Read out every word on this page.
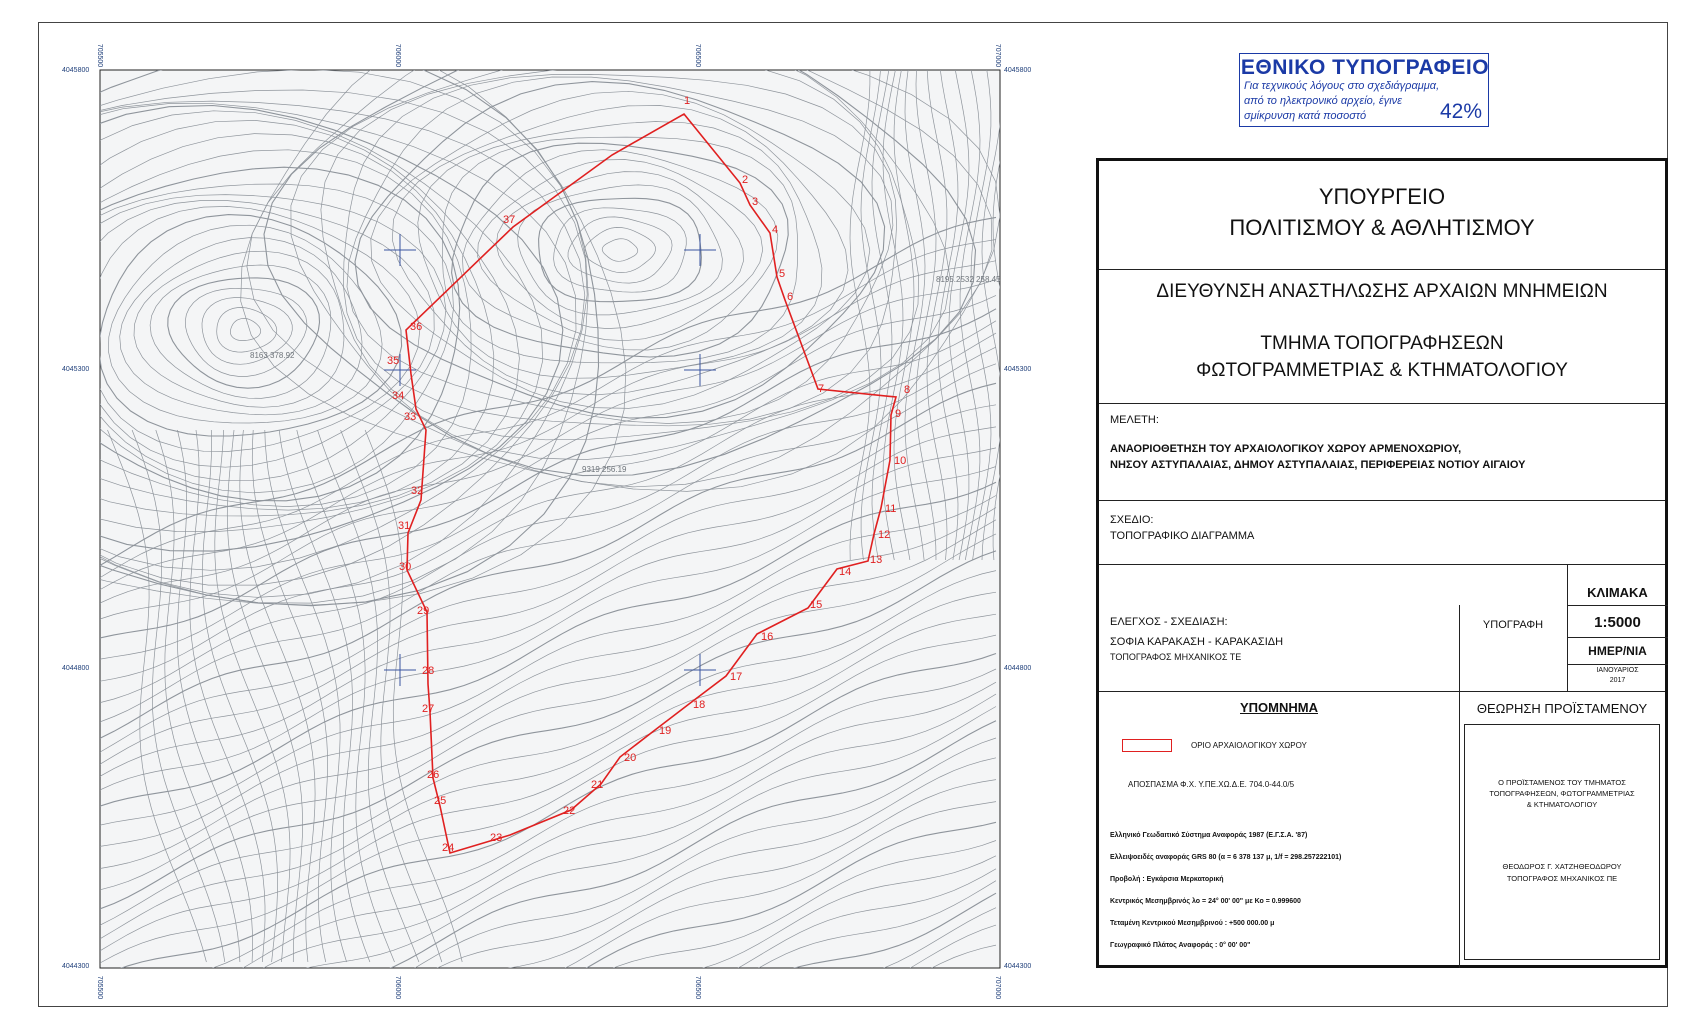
1
2
3
4
5
6
7	8
9
10
11
12
13
14
15
16
17
18
19
20
21
22
23
24
25
26
27
28
29
30
31
32
33
34
35
36
37
9319 256.19
8163 378.92
8195.2532 258.45
705500	706000	706500	707000
705500	706000	706500	707000
4045800
4045300
4044800
4044300
4045800
4045300
4044800
4044300
ΕΘΝΙΚΟ ΤΥΠΟΓΡΑΦΕΙΟ
Για τεχνικούς λόγους στο σχεδιάγραμμα,
από το ηλεκτρονικό αρχείο, έγινε
σμίκρυνση κατά ποσοστό	42%
ΥΠΟΥΡΓΕΙΟ
ΠΟΛΙΤΙΣΜΟΥ & ΑΘΛΗΤΙΣΜΟΥ
ΔΙΕΥΘΥΝΣΗ ΑΝΑΣΤΗΛΩΣΗΣ ΑΡΧΑΙΩΝ ΜΝΗΜΕΙΩΝ
ΤΜΗΜΑ ΤΟΠΟΓΡΑΦΗΣΕΩΝ
ΦΩΤΟΓΡΑΜΜΕΤΡΙΑΣ & ΚΤΗΜΑΤΟΛΟΓΙΟΥ
ΜΕΛΕΤΗ:
ΑΝΑΟΡΙΟΘΕΤΗΣΗ ΤΟΥ ΑΡΧΑΙΟΛΟΓΙΚΟΥ ΧΩΡΟΥ ΑΡΜΕΝΟΧΩΡΙΟΥ,
ΝΗΣΟΥ ΑΣΤΥΠΑΛΑΙΑΣ, ΔΗΜΟΥ ΑΣΤΥΠΑΛΑΙΑΣ, ΠΕΡΙΦΕΡΕΙΑΣ ΝΟΤΙΟΥ ΑΙΓΑΙΟΥ
ΣΧΕΔΙΟ:
ΤΟΠΟΓΡΑΦΙΚΟ ΔΙΑΓΡΑΜΜΑ
ΚΛΙΜΑΚΑ
1:5000
ΗΜΕΡ/ΝΙΑ
ΙΑΝΟΥΑΡΙΟΣ
2017
ΕΛΕΓΧΟΣ - ΣΧΕΔΙΑΣΗ:
ΣΟΦΙΑ ΚΑΡΑΚΑΣΗ - ΚΑΡΑΚΑΣΙΔΗ
ΤΟΠΟΓΡΑΦΟΣ ΜΗΧΑΝΙΚΟΣ ΤΕ
ΥΠΟΓΡΑΦΗ
ΥΠΟΜΝΗΜΑ
ΟΡΙΟ ΑΡΧΑΙΟΛΟΓΙΚΟΥ ΧΩΡΟΥ
ΑΠΟΣΠΑΣΜΑ Φ.Χ. Υ.ΠΕ.ΧΩ.Δ.Ε. 704.0-44.0/5
Ελληνικό Γεωδαιτικό Σύστημα Αναφοράς 1987 (Ε.Γ.Σ.Α. '87)
Ελλειψοειδές αναφοράς GRS 80 (α = 6 378 137 μ, 1/f = 298.257222101)
Προβολή : Εγκάρσια Μερκατορική
Κεντρικός Μεσημβρινός λο = 24° 00' 00" με Κο = 0.999600
Τεταμένη Κεντρικού Μεσημβρινού : +500 000.00 μ
Γεωγραφικό Πλάτος Αναφοράς : 0° 00' 00"
ΘΕΩΡΗΣΗ ΠΡΟΪΣΤΑΜΕΝΟΥ
Ο ΠΡΟΪΣΤΑΜΕΝΟΣ ΤΟΥ ΤΜΗΜΑΤΟΣ
ΤΟΠΟΓΡΑΦΗΣΕΩΝ, ΦΩΤΟΓΡΑΜΜΕΤΡΙΑΣ
& ΚΤΗΜΑΤΟΛΟΓΙΟΥ
ΘΕΟΔΩΡΟΣ Γ. ΧΑΤΖΗΘΕΟΔΩΡΟΥ
ΤΟΠΟΓΡΑΦΟΣ ΜΗΧΑΝΙΚΟΣ ΠΕ
